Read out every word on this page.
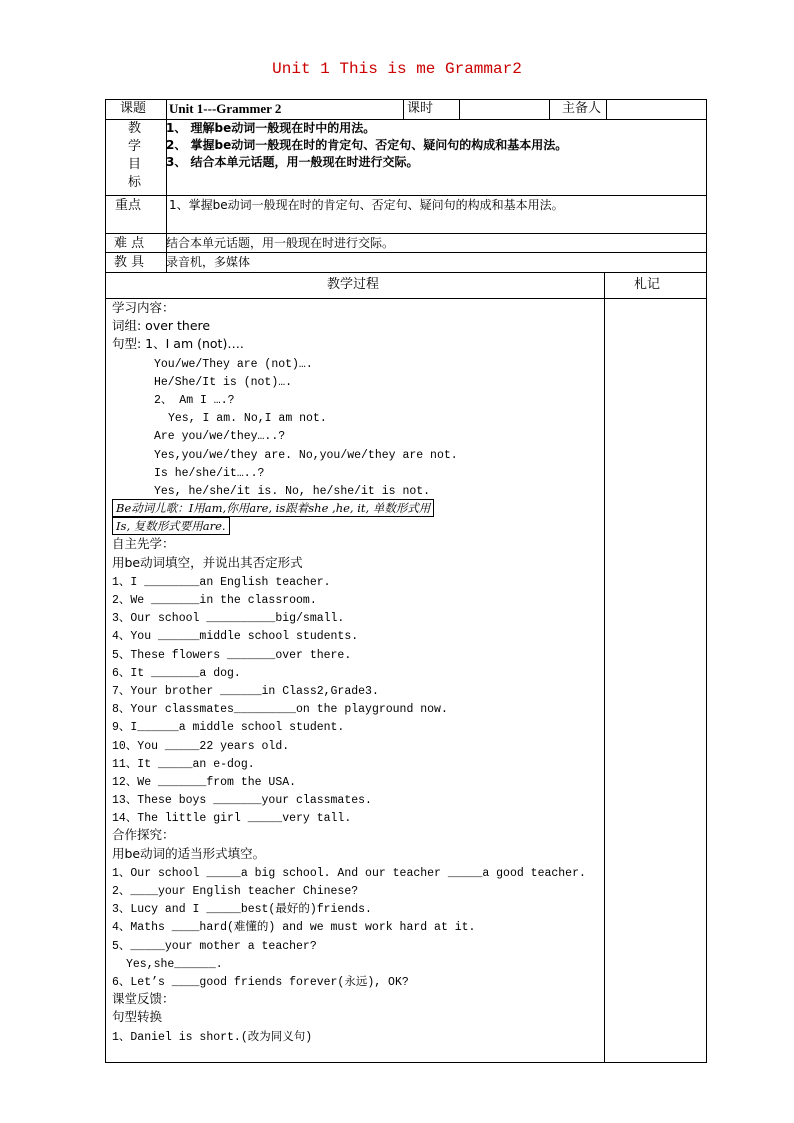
Unit 1 This is me Grammar2
课题 Unit 1---Grammer 2	课时	主备人
教
学
目
标
1、 理解be动词一般现在时中的用法。
2、 掌握be动词一般现在时的肯定句、否定句、疑问句的构成和基本用法。
3、 结合本单元话题，用一般现在时进行交际。
重点 1、掌握be动词一般现在时的肯定句、否定句、疑问句的构成和基本用法。
难 点 结合本单元话题，用一般现在时进行交际。
教 具 录音机，多媒体
教学过程	札记
学习内容：
词组: over there
句型: 1、I am (not)….
You/we/They are (not)….
He/She/It is (not)….
2、 Am I ….?
Yes, I am. No,I am not.
Are you/we/they…..?
Yes,you/we/they are. No,you/we/they are not.
Is he/she/it…..?
Yes, he/she/it is. No, he/she/it is not.
Be动词儿歌：I用am,你用are, is跟着she ,he, it, 单数形式用
Is, 复数形式要用are.
自主先学：
用be动词填空，并说出其否定形式
1、I ________an English teacher.
2、We _______in the classroom.
3、Our school __________big/small.
4、You ______middle school students.
5、These flowers _______over there.
6、It _______a dog.
7、Your brother ______in Class2,Grade3.
8、Your classmates_________on the playground now.
9、I______a middle school student.
10、You _____22 years old.
11、It _____an e-dog.
12、We _______from the USA.
13、These boys _______your classmates.
14、The little girl _____very tall.
合作探究：
用be动词的适当形式填空。
1、Our school _____a big school. And our teacher _____a good teacher.
2、____your English teacher Chinese?
3、Lucy and I _____best(最好的)friends.
4、Maths ____hard(难懂的) and we must work hard at it.
5、_____your mother a teacher?
Yes,she______.
6、Let’s ____good friends forever(永远), OK?
课堂反馈：
句型转换
1、Daniel is short.(改为同义句)
